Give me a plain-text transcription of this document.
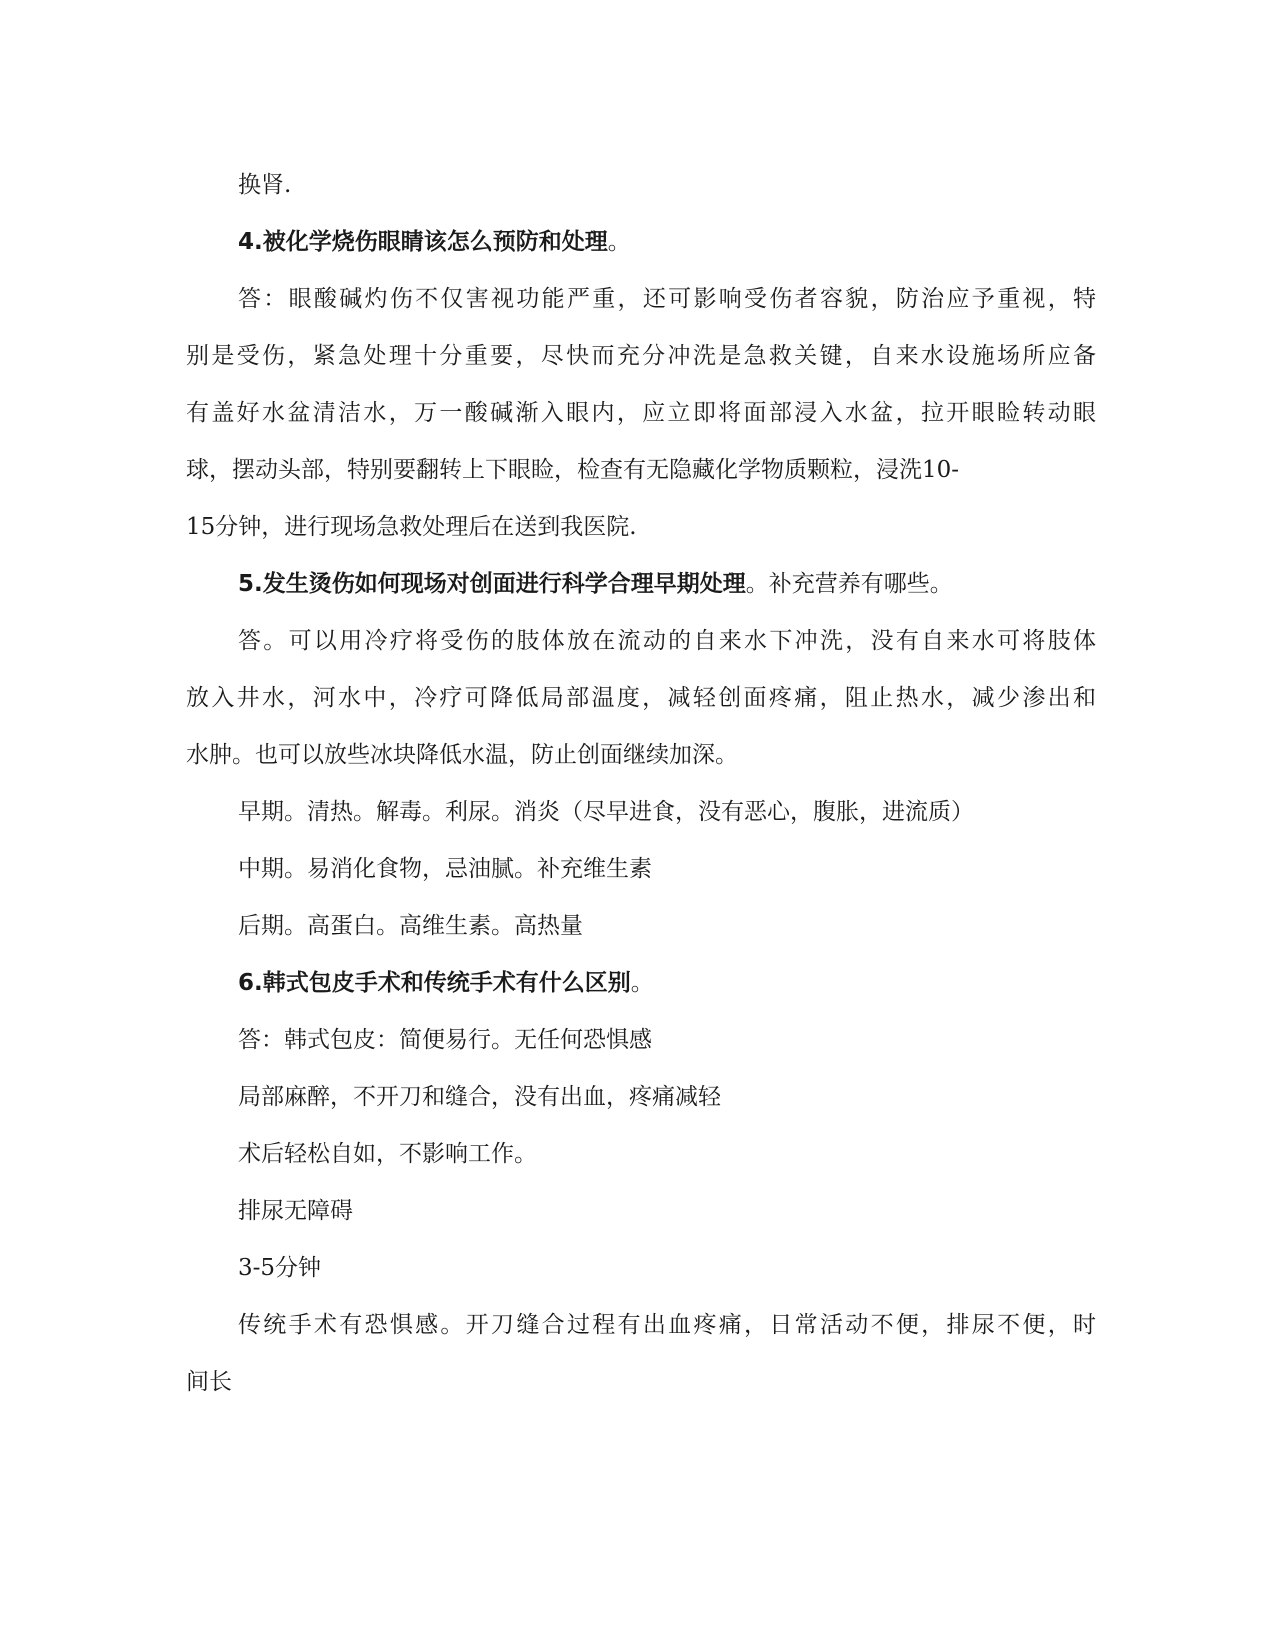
换肾.
4.被化学烧伤眼睛该怎么预防和处理。
答：眼酸碱灼伤不仅害视功能严重，还可影响受伤者容貌，防治应予重视，特
别是受伤，紧急处理十分重要，尽快而充分冲洗是急救关键，自来水设施场所应备
有盖好水盆清洁水，万一酸碱渐入眼内，应立即将面部浸入水盆，拉开眼睑转动眼
球，摆动头部，特别要翻转上下眼睑，检查有无隐藏化学物质颗粒，浸洗10-
15分钟，进行现场急救处理后在送到我医院.
5.发生烫伤如何现场对创面进行科学合理早期处理。补充营养有哪些。
答。可以用冷疗将受伤的肢体放在流动的自来水下冲洗，没有自来水可将肢体
放入井水，河水中，冷疗可降低局部温度，减轻创面疼痛，阻止热水，减少渗出和
水肿。也可以放些冰块降低水温，防止创面继续加深。
早期。清热。解毒。利尿。消炎（尽早进食，没有恶心，腹胀，进流质）
中期。易消化食物，忌油腻。补充维生素
后期。高蛋白。高维生素。高热量
6.韩式包皮手术和传统手术有什么区别。
答：韩式包皮：简便易行。无任何恐惧感
局部麻醉，不开刀和缝合，没有出血，疼痛减轻
术后轻松自如，不影响工作。
排尿无障碍
3-5分钟
传统手术有恐惧感。开刀缝合过程有出血疼痛，日常活动不便，排尿不便，时
间长
